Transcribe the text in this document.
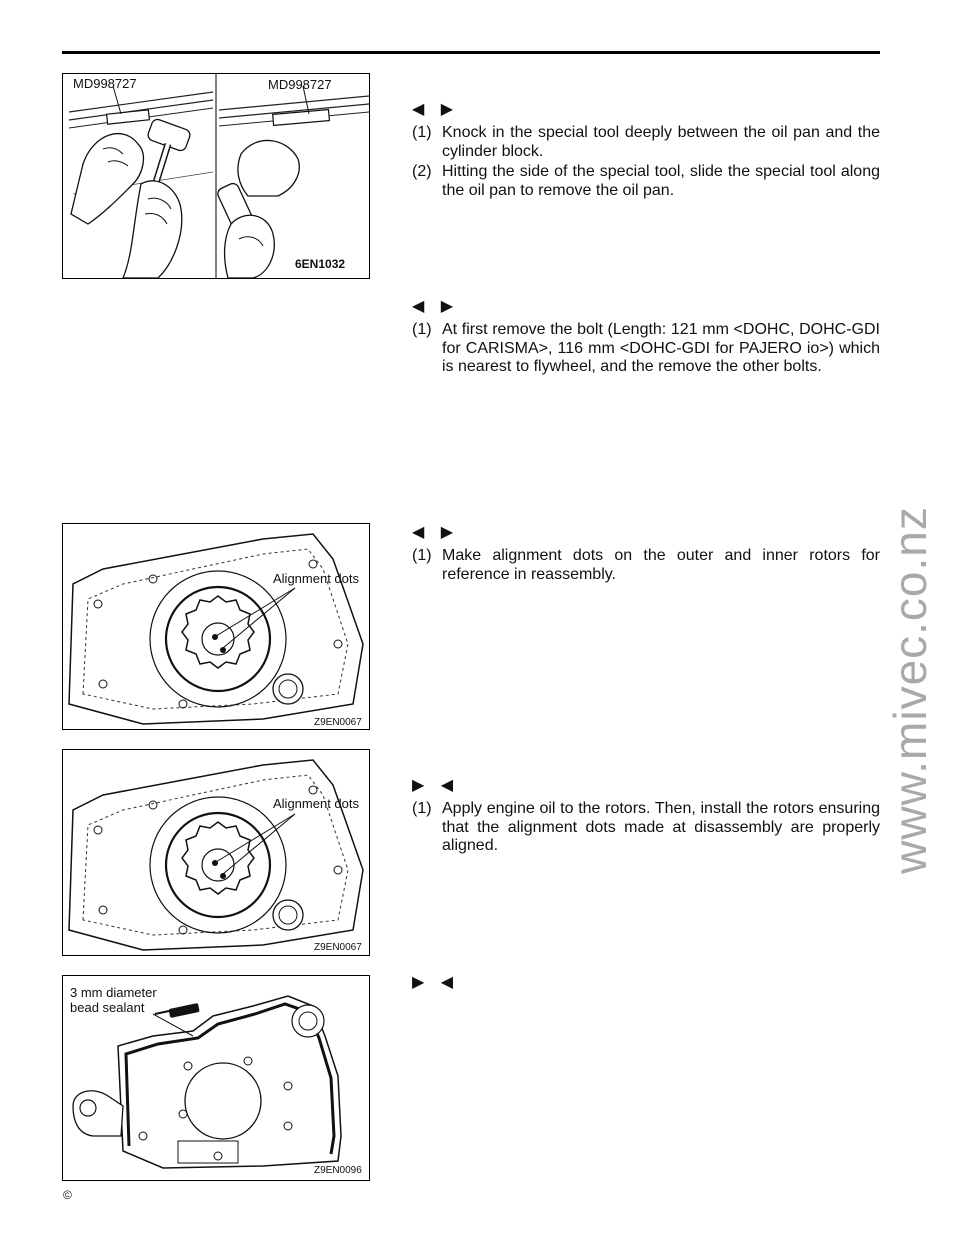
MD998727	MD998727
6EN1032
Alignment dots
Z9EN0067
Alignment dots
Z9EN0067
3 mm diameter
bead sealant
Z9EN0096
◀ ▶
(1) Knock in the special tool deeply between the oil pan and the cylinder block.
(2) Hitting the side of the special tool, slide the special tool along the oil pan to remove the oil pan.
◀ ▶
(1) At first remove the bolt (Length: 121 mm <DOHC, DOHC‑GDI for CARISMA>, 116 mm <DOHC‑GDI for PAJERO io>) which is nearest to flywheel, and the remove the other bolts.
◀ ▶
(1) Make alignment dots on the outer and inner rotors for reference in reassembly.
▶ ◀
(1) Apply engine oil to the rotors. Then, install the rotors ensuring that the alignment dots made at disassembly are properly aligned.
▶ ◀
www.mivec.co.nz
©
